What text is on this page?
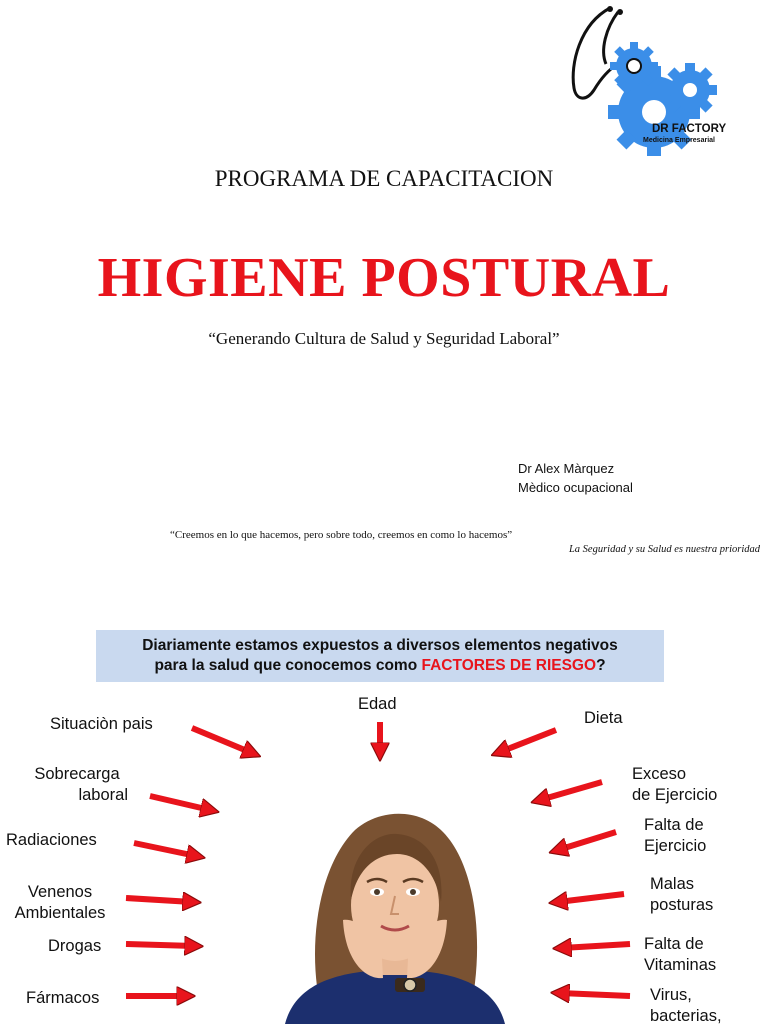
DR FACTORY
Medicina Empresarial
PROGRAMA DE CAPACITACION
HIGIENE POSTURAL
“Generando Cultura de Salud y Seguridad Laboral”
Dr Alex Màrquez
Mèdico ocupacional
“Creemos en lo que hacemos, pero sobre todo, creemos en como lo hacemos”
La Seguridad y su Salud es nuestra prioridad
Diariamente estamos expuestos a diversos elementos negativos
para la salud que conocemos como FACTORES DE RIESGO?
Edad
Situaciòn pais
Sobrecarga
laboral
Radiaciones
Venenos
Ambientales
Drogas
Fármacos
Dieta
Exceso
de Ejercicio
Falta de
Ejercicio
Malas
posturas
Falta de
Vitaminas
Virus,
bacterias,
